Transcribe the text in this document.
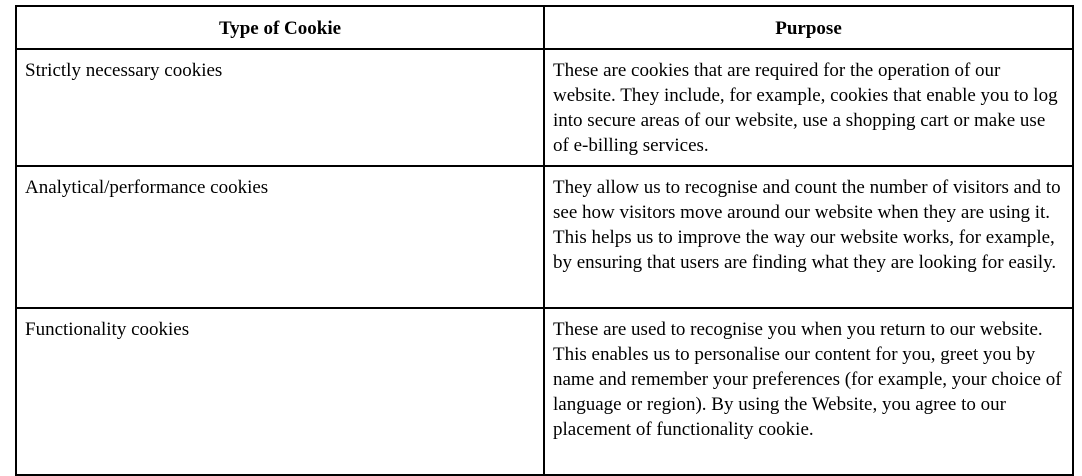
Type of Cookie	Purpose
Strictly necessary cookies	These are cookies that are required for the operation of our website. They include, for example, cookies that enable you to log into secure areas of our website, use a shopping cart or make use of e-billing services.
Analytical/performance cookies	They allow us to recognise and count the number of visitors and to see how visitors move around our website when they are using it. This helps us to improve the way our website works, for example, by ensuring that users are finding what they are looking for easily.
Functionality cookies	These are used to recognise you when you return to our website. This enables us to personalise our content for you, greet you by name and remember your preferences (for example, your choice of language or region). By using the Website, you agree to our placement of functionality cookie.
